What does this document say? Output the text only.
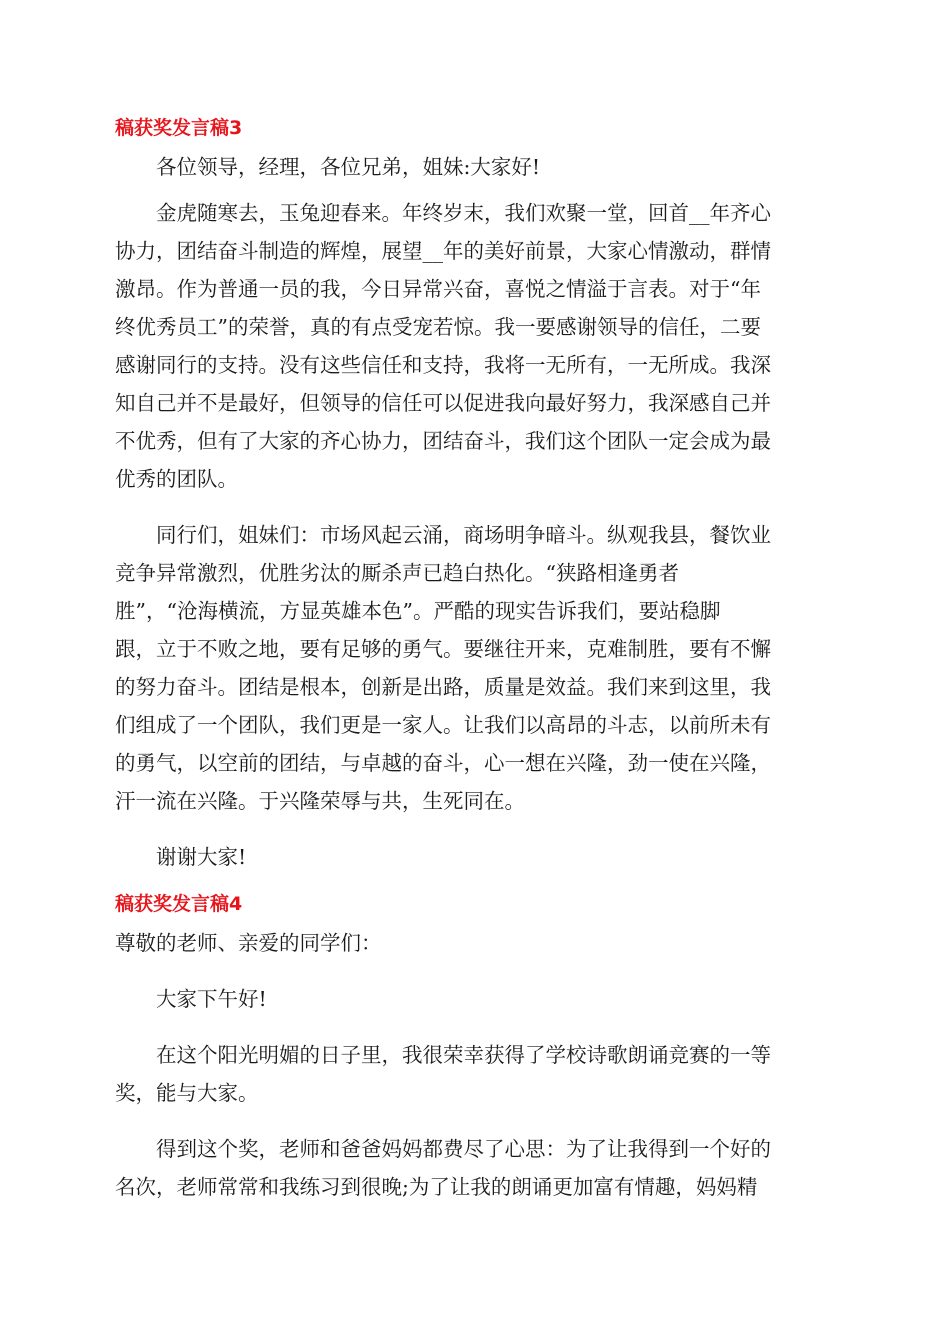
稿获奖发言稿3

各位领导，经理，各位兄弟，姐妹:大家好!

金虎随寒去，玉兔迎春来。年终岁末，我们欢聚一堂，回首__年齐心
协力，团结奋斗制造的辉煌，展望__年的美好前景，大家心情激动，群情
激昂。作为普通一员的我，今日异常兴奋，喜悦之情溢于言表。对于“年
终优秀员工”的荣誉，真的有点受宠若惊。我一要感谢领导的信任，二要
感谢同行的支持。没有这些信任和支持，我将一无所有，一无所成。我深
知自己并不是最好，但领导的信任可以促进我向最好努力，我深感自己并
不优秀，但有了大家的齐心协力，团结奋斗，我们这个团队一定会成为最
优秀的团队。

同行们，姐妹们：市场风起云涌，商场明争暗斗。纵观我县，餐饮业
竞争异常激烈，优胜劣汰的厮杀声已趋白热化。“狭路相逢勇者
胜”，“沧海横流，方显英雄本色”。严酷的现实告诉我们，要站稳脚
跟，立于不败之地，要有足够的勇气。要继往开来，克难制胜，要有不懈
的努力奋斗。团结是根本，创新是出路，质量是效益。我们来到这里，我
们组成了一个团队，我们更是一家人。让我们以高昂的斗志，以前所未有
的勇气，以空前的团结，与卓越的奋斗，心一想在兴隆，劲一使在兴隆，
汗一流在兴隆。于兴隆荣辱与共，生死同在。

谢谢大家!

稿获奖发言稿4

尊敬的老师、亲爱的同学们：

大家下午好!

在这个阳光明媚的日子里，我很荣幸获得了学校诗歌朗诵竞赛的一等
奖，能与大家。

得到这个奖，老师和爸爸妈妈都费尽了心思：为了让我得到一个好的
名次，老师常常和我练习到很晚;为了让我的朗诵更加富有情趣，妈妈精
